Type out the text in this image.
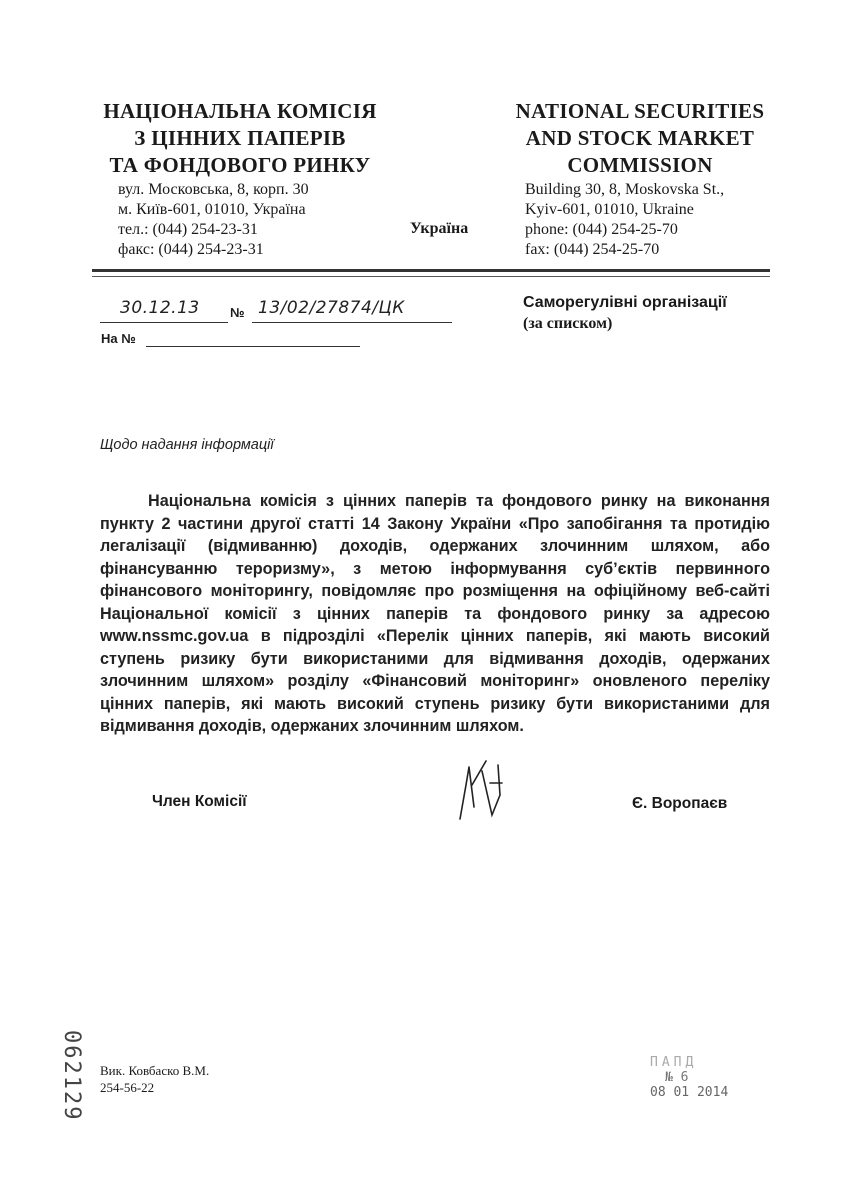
НАЦІОНАЛЬНА КОМІСІЯ
З ЦІННИХ ПАПЕРІВ
ТА ФОНДОВОГО РИНКУ
вул. Московська, 8, корп. 30
м. Київ-601, 01010, Україна
тел.: (044) 254-23-31
факс: (044) 254-23-31
Україна
NATIONAL SECURITIES
AND STOCK MARKET
COMMISSION
Building 30, 8, Moskovska St.,
Kyiv-601, 01010, Ukraine
phone: (044) 254-25-70
fax: (044) 254-25-70
30.12.13 № 13/02/27874/ЦК
На №
Саморегулівні організації
(за списком)
Щодо надання інформації
Національна комісія з цінних паперів та фондового ринку на виконання пункту 2 частини другої статті 14 Закону України «Про запобігання та протидію легалізації (відмиванню) доходів, одержаних злочинним шляхом, або фінансуванню тероризму», з метою інформування суб’єктів первинного фінансового моніторингу, повідомляє про розміщення на офіційному веб-сайті Національної комісії з цінних паперів та фондового ринку за адресою www.nssmc.gov.ua в підрозділі «Перелік цінних паперів, які мають високий ступень ризику бути використаними для відмивання доходів, одержаних злочинним шляхом» розділу «Фінансовий моніторинг» оновленого переліку цінних паперів, які мають високий ступень ризику бути використаними для відмивання доходів, одержаних злочинним шляхом.
Член Комісії	Є. Воропаєв
062129 Вик. Ковбаско В.М.
254-56-22
ПАПД
№ 6
08 01 2014
